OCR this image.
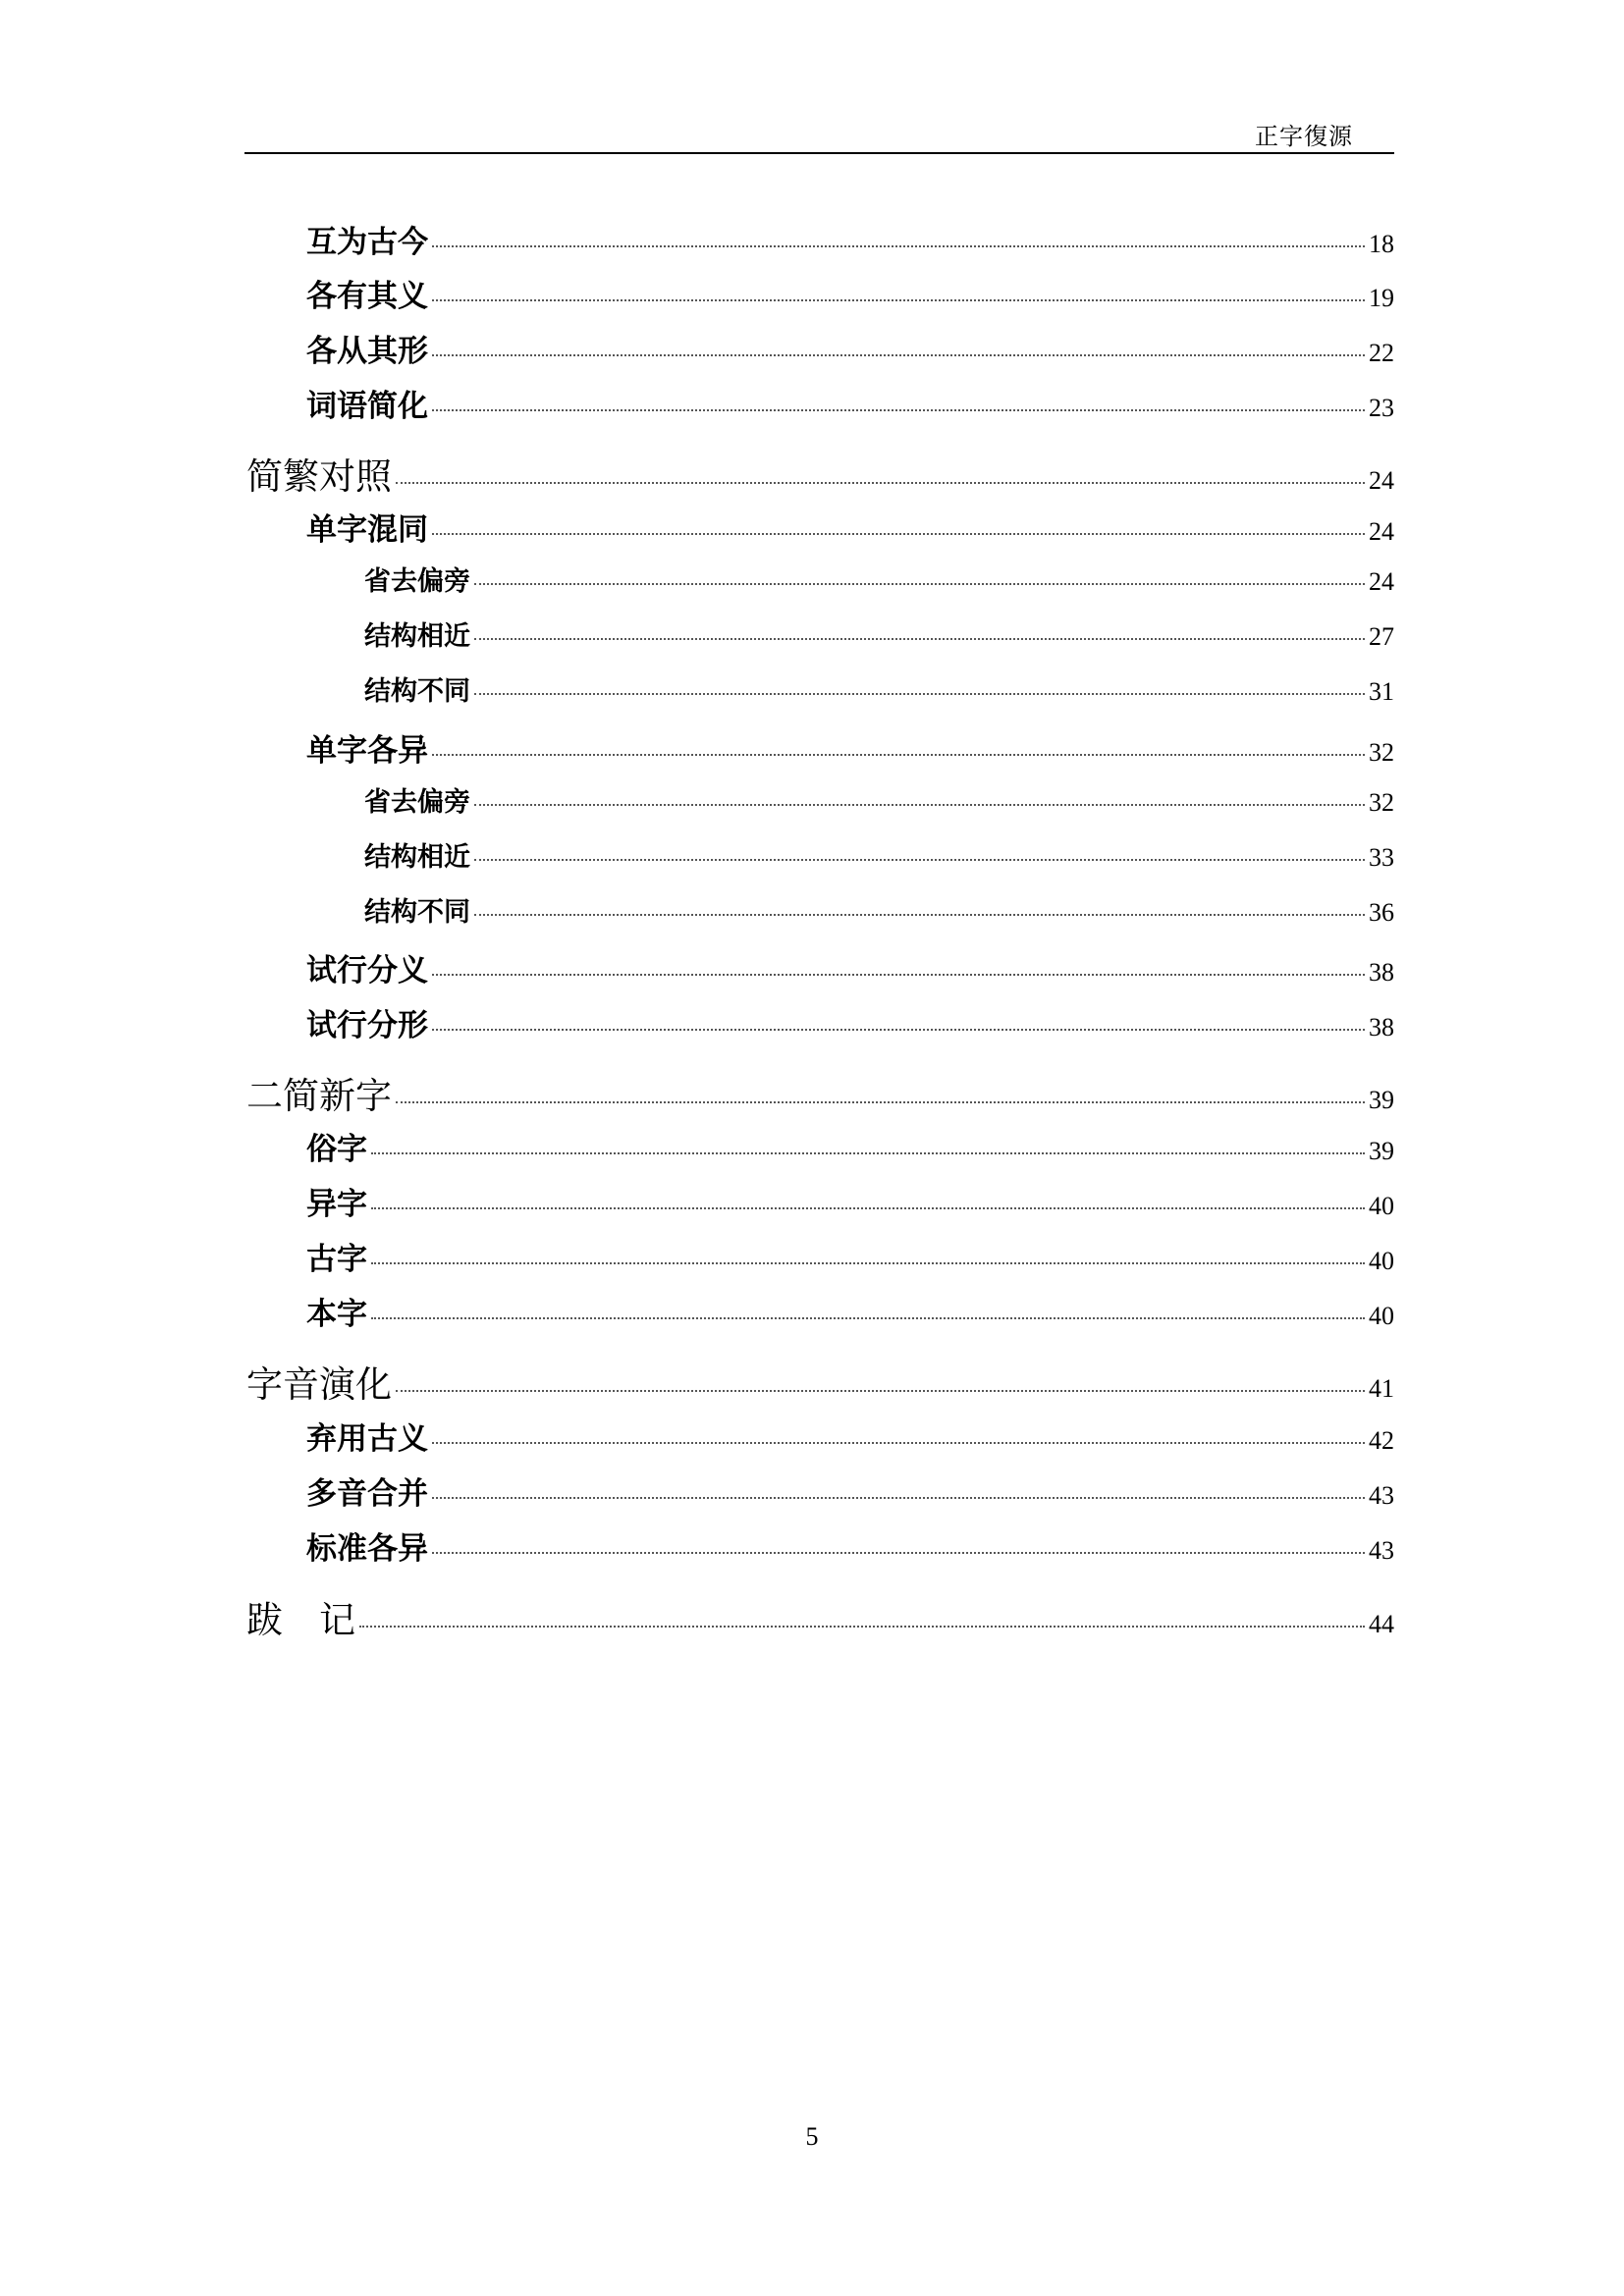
正字復源
互为古今	18
各有其义	19
各从其形	22
词语简化	23
简繁对照	24
单字混同	24
省去偏旁	24
结构相近	27
结构不同	31
单字各异	32
省去偏旁	32
结构相近	33
结构不同	36
试行分义	38
试行分形	38
二简新字	39
俗字	39
异字	40
古字	40
本字	40
字音演化	41
弃用古义	42
多音合并	43
标准各异	43
跋　记	44
5
